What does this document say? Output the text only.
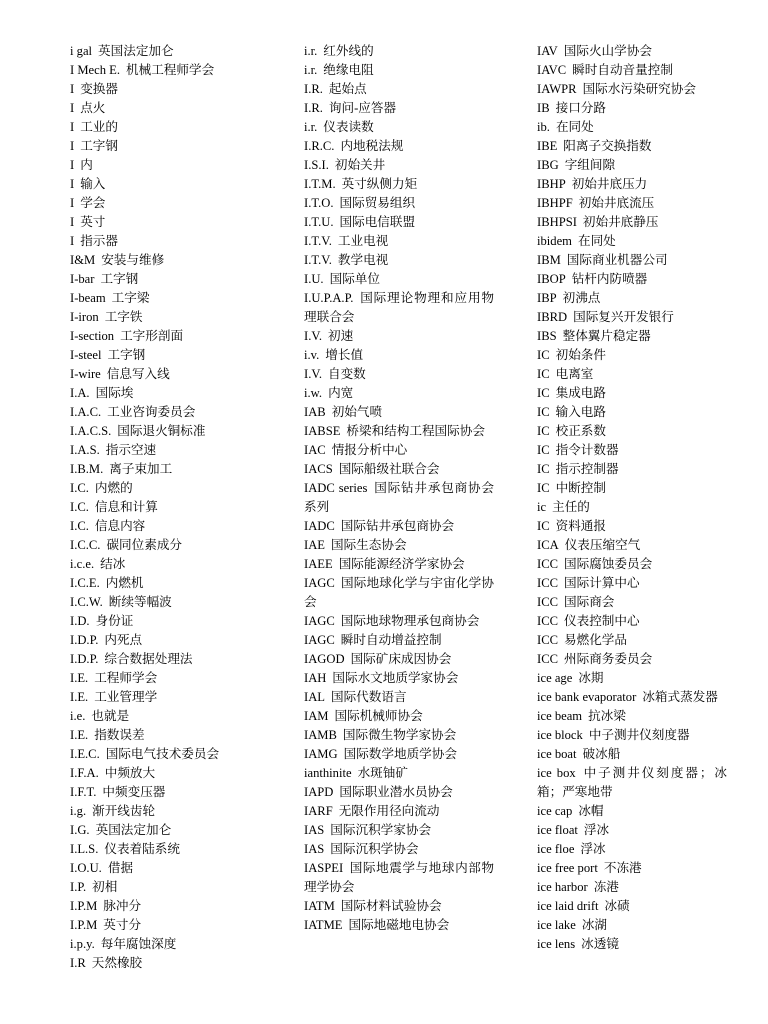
i gal 英国法定加仑
I Mech E. 机械工程师学会
I 变换器
I 点火
I 工业的
I 工字钢
I 内
I 输入
I 学会
I 英寸
I 指示器
I&M 安装与维修
I-bar 工字钢
I-beam 工字梁
I-iron 工字铁
I-section 工字形剖面
I-steel 工字钢
I-wire 信息写入线
I.A. 国际埃
I.A.C. 工业咨询委员会
I.A.C.S. 国际退火铜标准
I.A.S. 指示空速
I.B.M. 离子束加工
I.C. 内燃的
I.C. 信息和计算
I.C. 信息内容
I.C.C. 碳同位素成分
i.c.e. 结冰
I.C.E. 内燃机
I.C.W. 断续等幅波
I.D. 身份证
I.D.P. 内死点
I.D.P. 综合数据处理法
I.E. 工程师学会
I.E. 工业管理学
i.e. 也就是
I.E. 指数误差
I.E.C. 国际电气技术委员会
I.F.A. 中频放大
I.F.T. 中频变压器
i.g. 渐开线齿轮
I.G. 英国法定加仑
I.L.S. 仪表着陆系统
I.O.U. 借据
I.P. 初相
I.P.M 脉冲分
I.P.M 英寸分
i.p.y. 每年腐蚀深度
I.R 天然橡胶
i.r. 红外线的
i.r. 绝缘电阻
I.R. 起始点
I.R. 询问-应答器
i.r. 仪表读数
I.R.C. 内地税法规
I.S.I. 初始关井
I.T.M. 英寸纵侧力矩
I.T.O. 国际贸易组织
I.T.U. 国际电信联盟
I.T.V. 工业电视
I.T.V. 教学电视
I.U. 国际单位
I.U.P.A.P. 国际理论物理和应用物理联合会
I.V. 初速
i.v. 增长值
I.V. 自变数
i.w. 内宽
IAB 初始气喷
IABSE 桥梁和结构工程国际协会
IAC 情报分析中心
IACS 国际船级社联合会
IADC series 国际钻井承包商协会系列
IADC 国际钻井承包商协会
IAE 国际生态协会
IAEE 国际能源经济学家协会
IAGC 国际地球化学与宇宙化学协会
IAGC 国际地球物理承包商协会
IAGC 瞬时自动增益控制
IAGOD 国际矿床成因协会
IAH 国际水文地质学家协会
IAL 国际代数语言
IAM 国际机械师协会
IAMB 国际微生物学家协会
IAMG 国际数学地质学协会
ianthinite 水斑铀矿
IAPD 国际职业潜水员协会
IARF 无限作用径向流动
IAS 国际沉积学家协会
IAS 国际沉积学协会
IASPEI 国际地震学与地球内部物理学协会
IATM 国际材料试验协会
IATME 国际地磁地电协会
IAV 国际火山学协会
IAVC 瞬时自动音量控制
IAWPR 国际水污染研究协会
IB 接口分路
ib. 在同处
IBE 阳离子交换指数
IBG 字组间隙
IBHP 初始井底压力
IBHPF 初始井底流压
IBHPSI 初始井底静压
ibidem 在同处
IBM 国际商业机器公司
IBOP 钻杆内防喷器
IBP 初沸点
IBRD 国际复兴开发银行
IBS 整体翼片稳定器
IC 初始条件
IC 电离室
IC 集成电路
IC 输入电路
IC 校正系数
IC 指令计数器
IC 指示控制器
IC 中断控制
ic 主任的
IC 资料通报
ICA 仪表压缩空气
ICC 国际腐蚀委员会
ICC 国际计算中心
ICC 国际商会
ICC 仪表控制中心
ICC 易燃化学品
ICC 州际商务委员会
ice age 冰期
ice bank evaporator 冰箱式蒸发器
ice beam 抗冰梁
ice block 中子测井仪刻度器
ice boat 破冰船
ice box 中子测井仪刻度器；冰箱；严寒地带
ice cap 冰帽
ice float 浮冰
ice floe 浮冰
ice free port 不冻港
ice harbor 冻港
ice laid drift 冰碛
ice lake 冰湖
ice lens 冰透镜
